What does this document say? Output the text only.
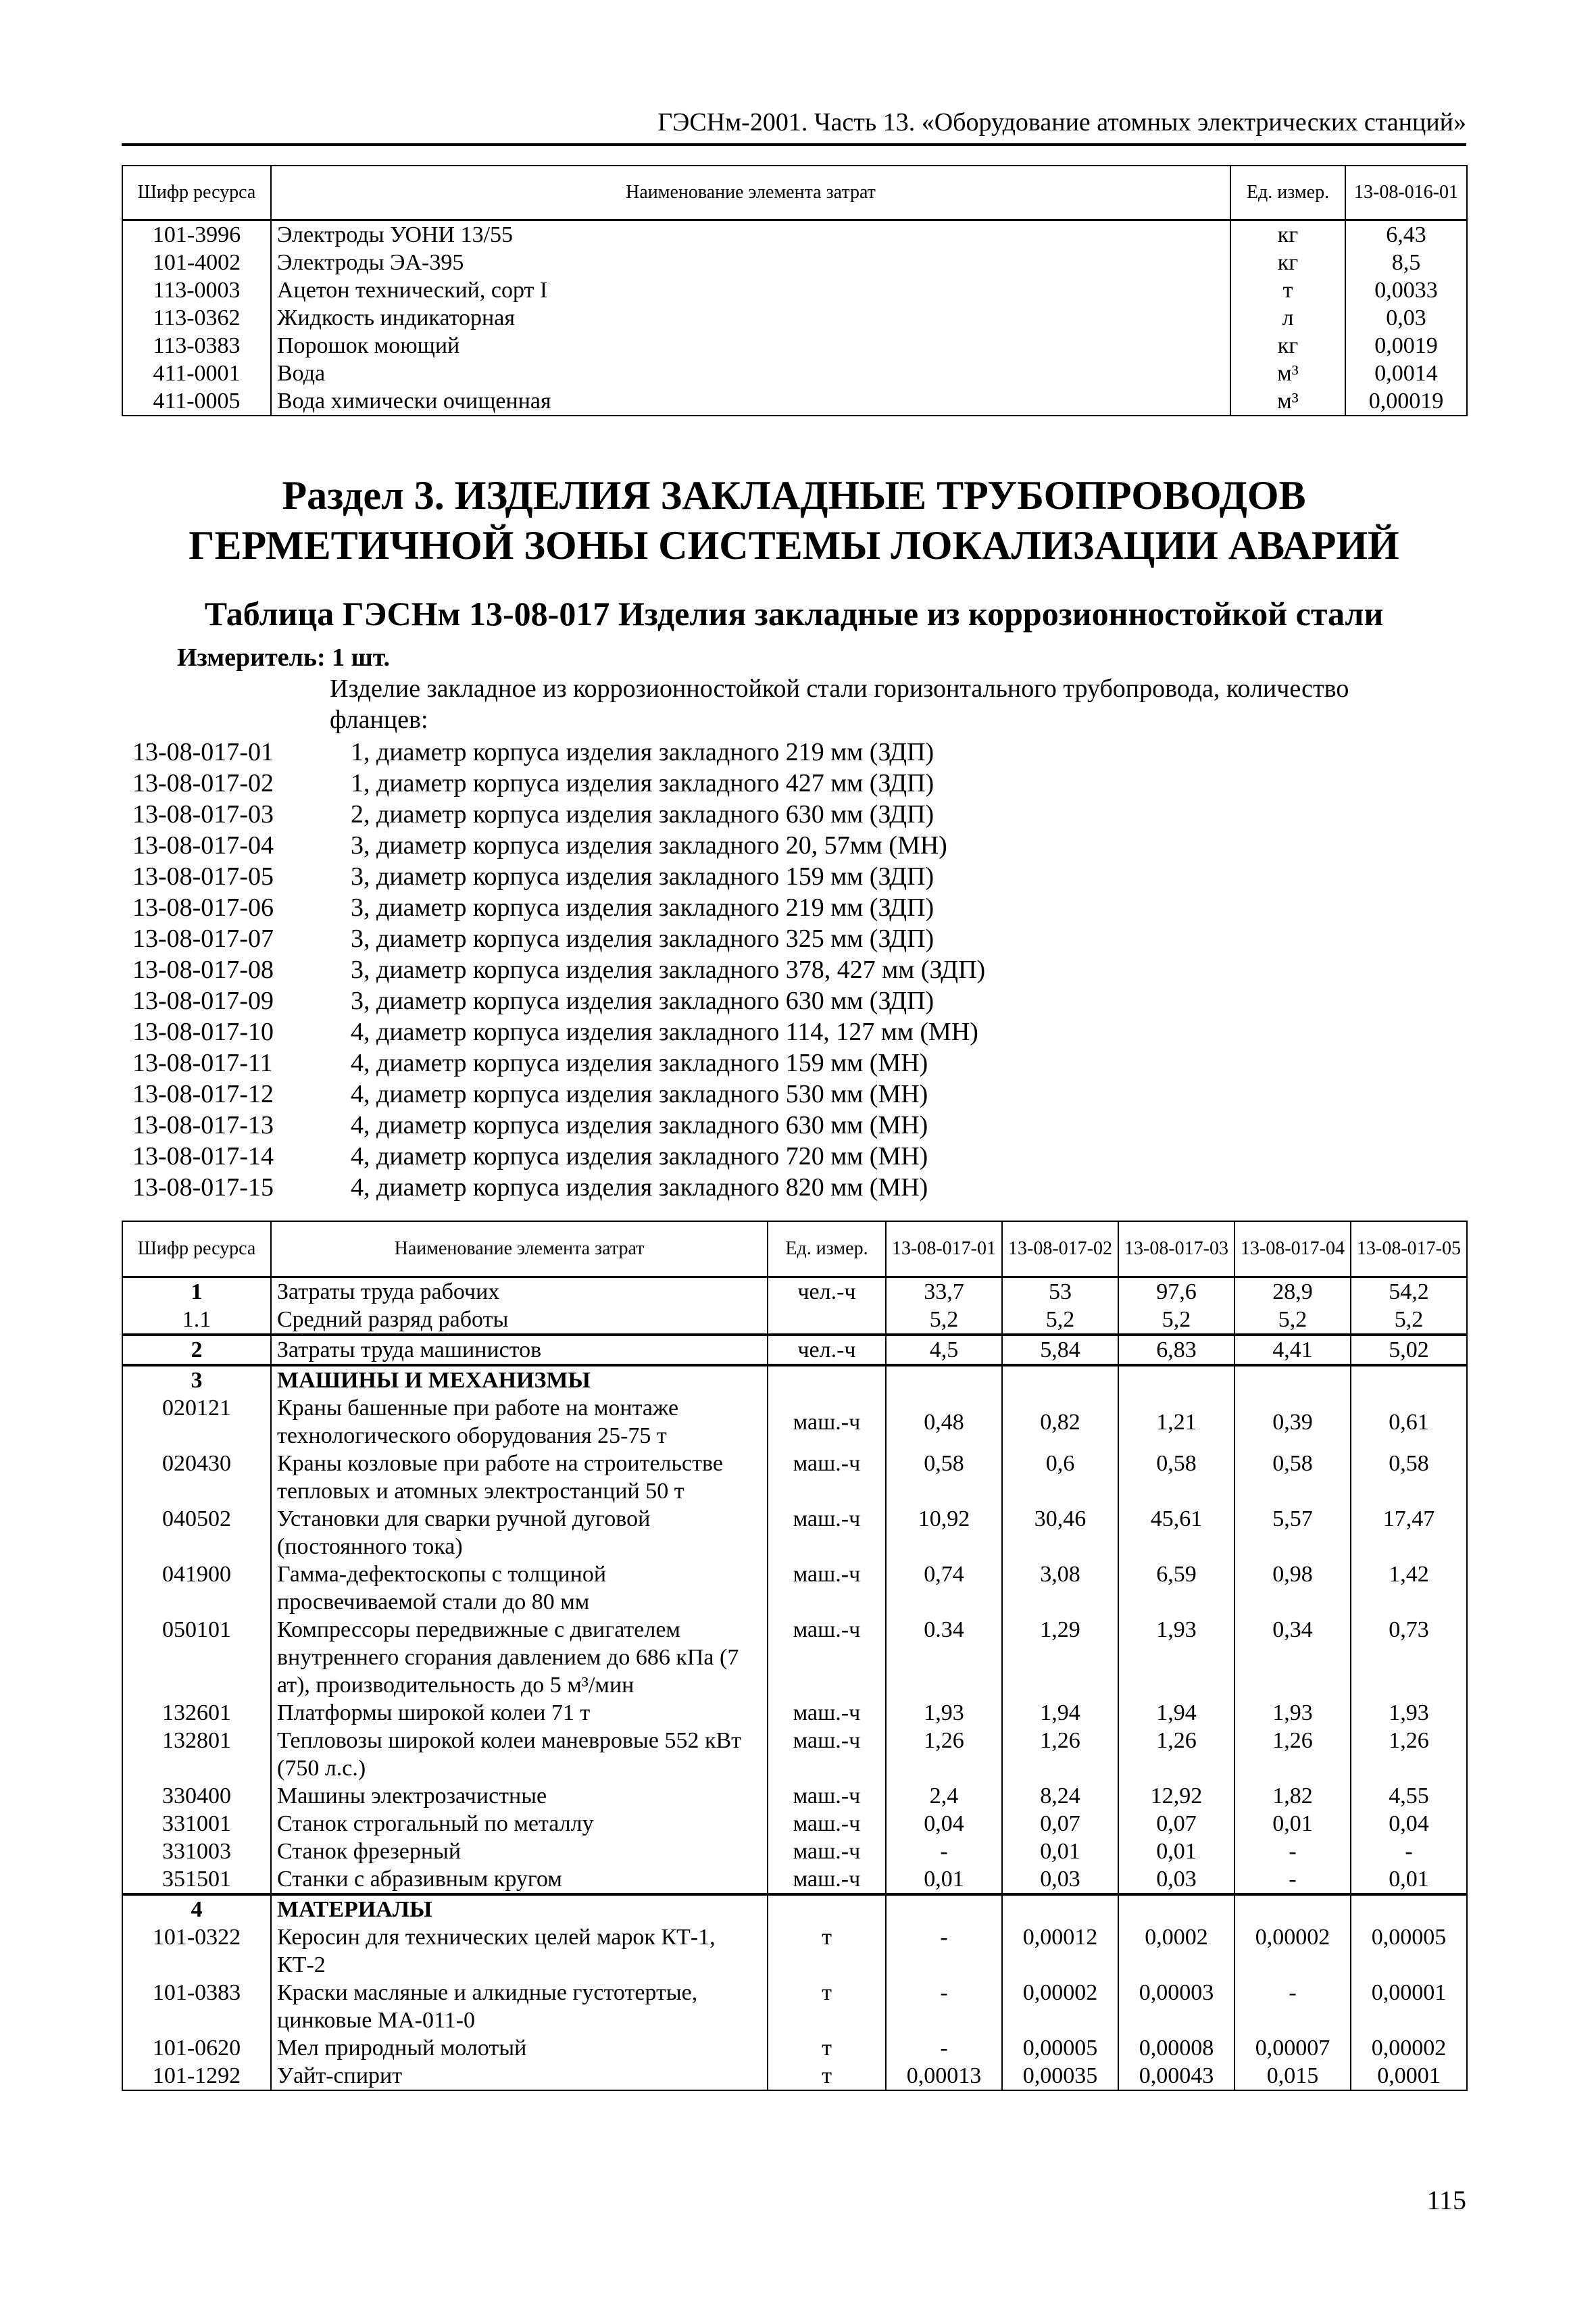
ГЭСНм-2001. Часть 13. «Оборудование атомных электрических станций»
Шифр ресурса	Наименование элемента затрат	Ед. измер.	13-08-016-01
101-3996	Электроды УОНИ 13/55	кг	6,43
101-4002	Электроды ЭА-395	кг	8,5
113-0003	Ацетон технический, сорт I	т	0,0033
113-0362	Жидкость индикаторная	л	0,03
113-0383	Порошок моющий	кг	0,0019
411-0001	Вода	м³	0,0014
411-0005	Вода химически очищенная	м³	0,00019
Раздел 3. ИЗДЕЛИЯ ЗАКЛАДНЫЕ ТРУБОПРОВОДОВ ГЕРМЕТИЧНОЙ ЗОНЫ СИСТЕМЫ ЛОКАЛИЗАЦИИ АВАРИЙ
Таблица ГЭСНм 13-08-017 Изделия закладные из коррозионностойкой стали
Измеритель: 1 шт.
Изделие закладное из коррозионностойкой стали горизонтального трубопровода, количество фланцев:
13-08-017-01	1, диаметр корпуса изделия закладного 219 мм (ЗДП)
13-08-017-02	1, диаметр корпуса изделия закладного 427 мм (ЗДП)
13-08-017-03	2, диаметр корпуса изделия закладного 630 мм (ЗДП)
13-08-017-04	3, диаметр корпуса изделия закладного 20, 57мм (МН)
13-08-017-05	3, диаметр корпуса изделия закладного 159 мм (ЗДП)
13-08-017-06	3, диаметр корпуса изделия закладного 219 мм (ЗДП)
13-08-017-07	3, диаметр корпуса изделия закладного 325 мм (ЗДП)
13-08-017-08	3, диаметр корпуса изделия закладного 378, 427 мм (ЗДП)
13-08-017-09	3, диаметр корпуса изделия закладного 630 мм (ЗДП)
13-08-017-10	4, диаметр корпуса изделия закладного 114, 127 мм (МН)
13-08-017-11	4, диаметр корпуса изделия закладного 159 мм (МН)
13-08-017-12	4, диаметр корпуса изделия закладного 530 мм (МН)
13-08-017-13	4, диаметр корпуса изделия закладного 630 мм (МН)
13-08-017-14	4, диаметр корпуса изделия закладного 720 мм (МН)
13-08-017-15	4, диаметр корпуса изделия закладного 820 мм (МН)
Шифр ресурса	Наименование элемента затрат	Ед. измер.	13-08-017-01	13-08-017-02	13-08-017-03	13-08-017-04	13-08-017-05
1	Затраты труда рабочих	чел.-ч	33,7	53	97,6	28,9	54,2
1.1	Средний разряд работы		5,2	5,2	5,2	5,2	5,2
2	Затраты труда машинистов	чел.-ч	4,5	5,84	6,83	4,41	5,02
3	МАШИНЫ И МЕХАНИЗМЫ						
020121	Краны башенные при работе на монтаже технологического оборудования 25-75 т	маш.-ч	0,48	0,82	1,21	0,39	0,61
020430	Краны козловые при работе на строительстве тепловых и атомных электростанций 50 т	маш.-ч	0,58	0,6	0,58	0,58	0,58
040502	Установки для сварки ручной дуговой (постоянного тока)	маш.-ч	10,92	30,46	45,61	5,57	17,47
041900	Гамма-дефектоскопы с толщиной просвечиваемой стали до 80 мм	маш.-ч	0,74	3,08	6,59	0,98	1,42
050101	Компрессоры передвижные с двигателем внутреннего сгорания давлением до 686 кПа (7 ат), производительность до 5 м³/мин	маш.-ч	0.34	1,29	1,93	0,34	0,73
132601	Платформы широкой колеи 71 т	маш.-ч	1,93	1,94	1,94	1,93	1,93
132801	Тепловозы широкой колеи маневровые 552 кВт (750 л.с.)	маш.-ч	1,26	1,26	1,26	1,26	1,26
330400	Машины электрозачистные	маш.-ч	2,4	8,24	12,92	1,82	4,55
331001	Станок строгальный по металлу	маш.-ч	0,04	0,07	0,07	0,01	0,04
331003	Станок фрезерный	маш.-ч	-	0,01	0,01	-	-
351501	Станки с абразивным кругом	маш.-ч	0,01	0,03	0,03	-	0,01
4	МАТЕРИАЛЫ						
101-0322	Керосин для технических целей марок КТ-1, КТ-2	т	-	0,00012	0,0002	0,00002	0,00005
101-0383	Краски масляные и алкидные густотертые, цинковые МА-011-0	т	-	0,00002	0,00003	-	0,00001
101-0620	Мел природный молотый	т	-	0,00005	0,00008	0,00007	0,00002
101-1292	Уайт-спирит	т	0,00013	0,00035	0,00043	0,015	0,0001
115
